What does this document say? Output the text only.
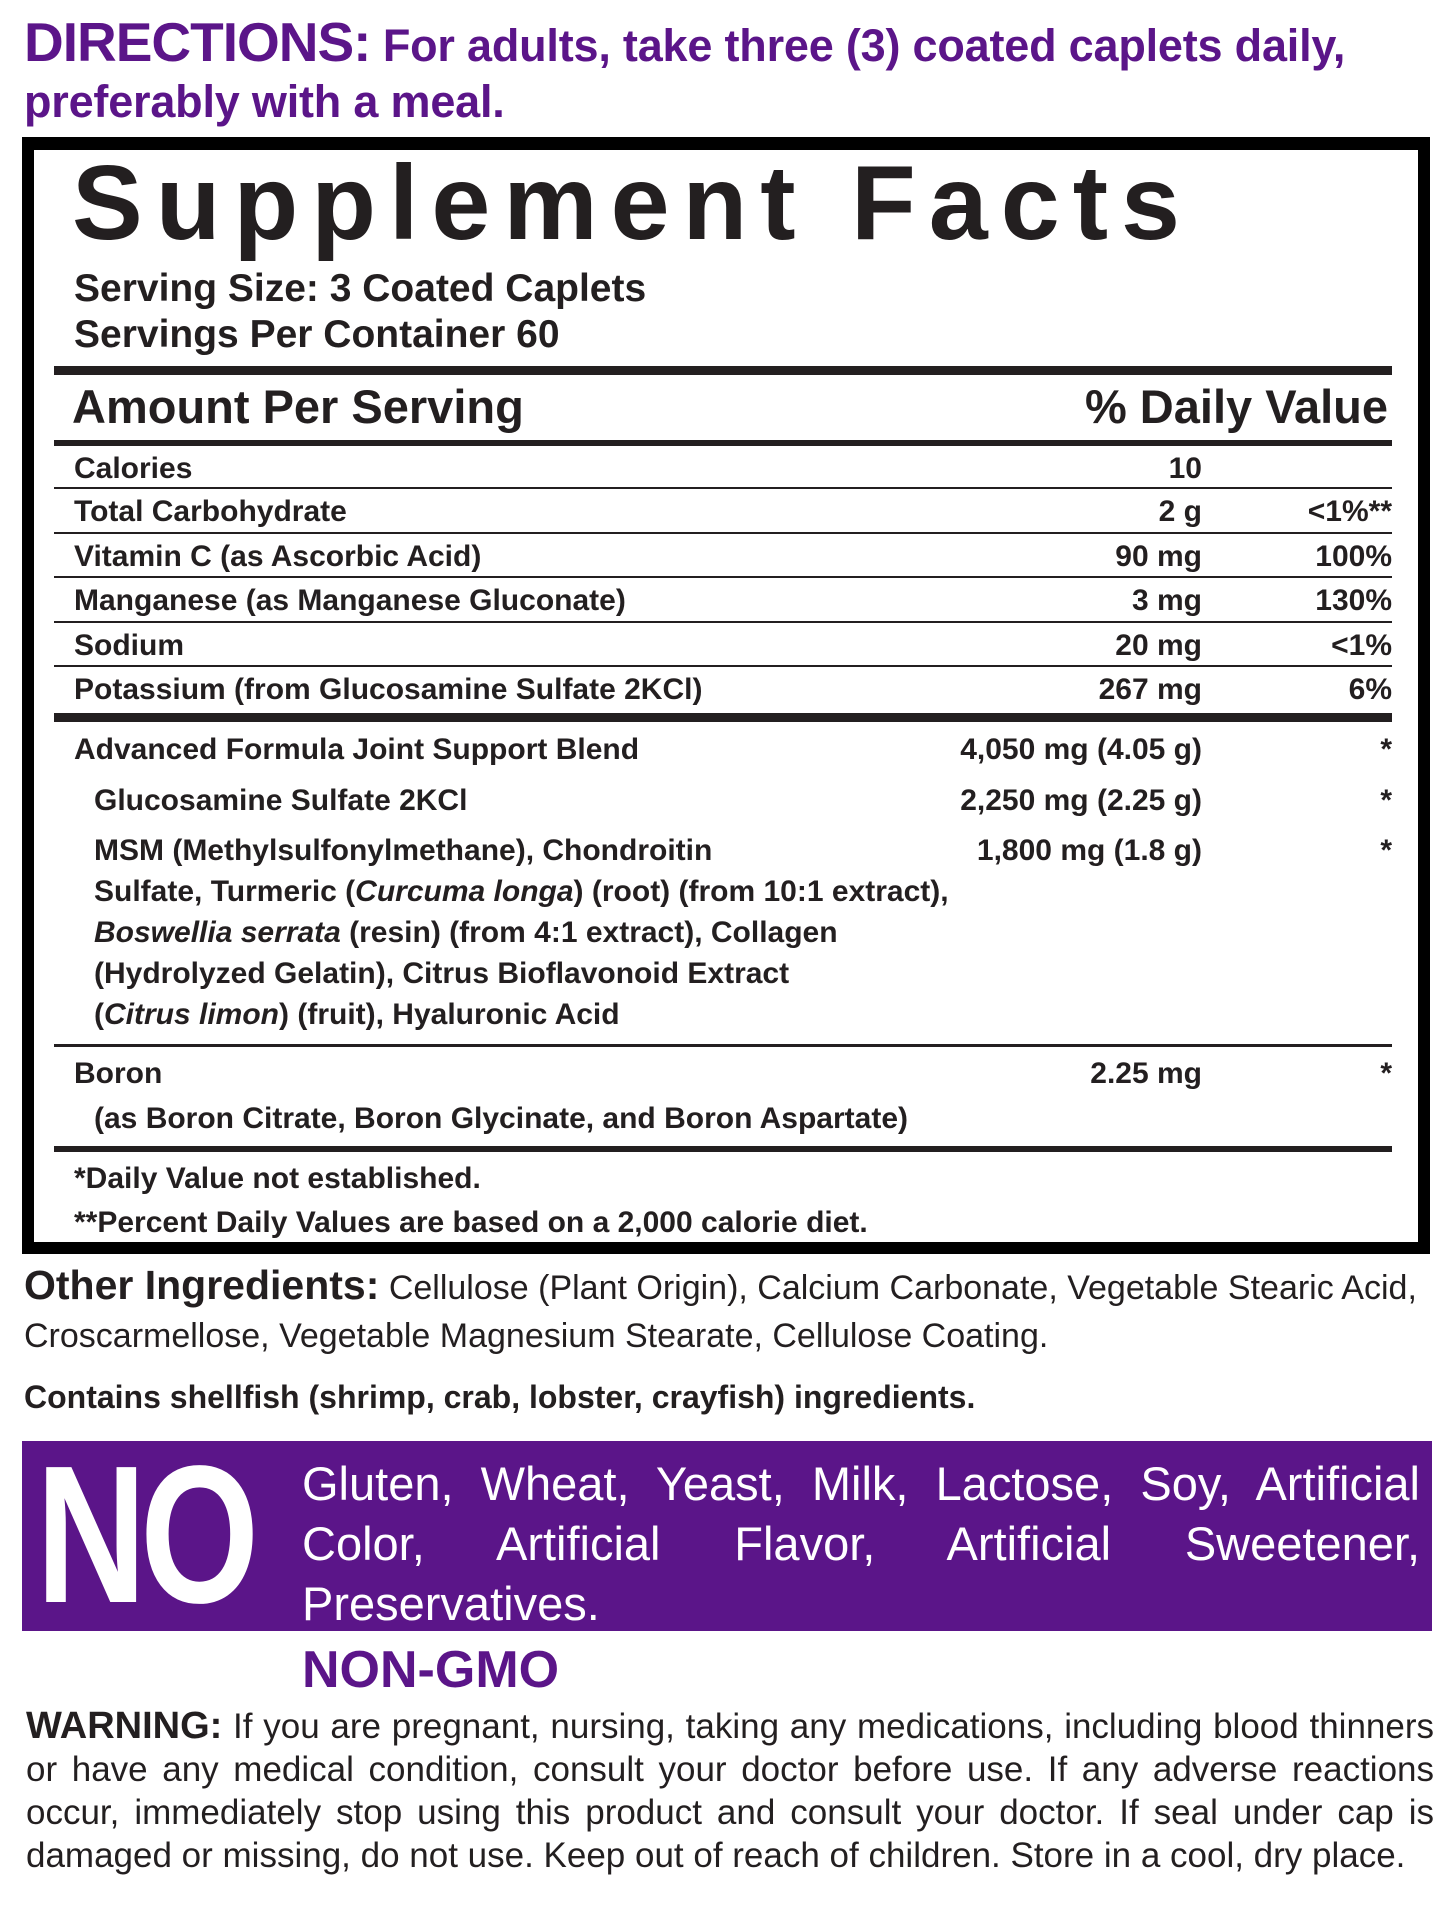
DIRECTIONS: For adults, take three (3) coated caplets daily, preferably with a meal.
Supplement Facts
Serving Size: 3 Coated Caplets
Servings Per Container 60
Amount Per Serving	% Daily Value
Calories	10
Total Carbohydrate	2 g	<1%**
Vitamin C (as Ascorbic Acid)	90 mg	100%
Manganese (as Manganese Gluconate)	3 mg	130%
Sodium	20 mg	<1%
Potassium (from Glucosamine Sulfate 2KCl)	267 mg	6%
Advanced Formula Joint Support Blend	4,050 mg (4.05 g)	*
Glucosamine Sulfate 2KCl	2,250 mg (2.25 g)	*
MSM (Methylsulfonylmethane), Chondroitin	1,800 mg (1.8 g)	*
Sulfate, Turmeric (Curcuma longa) (root) (from 10:1 extract),
Boswellia serrata (resin) (from 4:1 extract), Collagen
(Hydrolyzed Gelatin), Citrus Bioflavonoid Extract
(Citrus limon) (fruit), Hyaluronic Acid
Boron	2.25 mg	*
(as Boron Citrate, Boron Glycinate, and Boron Aspartate)
*Daily Value not established.
**Percent Daily Values are based on a 2,000 calorie diet.
Other Ingredients: Cellulose (Plant Origin), Calcium Carbonate, Vegetable Stearic Acid, Croscarmellose, Vegetable Magnesium Stearate, Cellulose Coating.
Contains shellfish (shrimp, crab, lobster, crayfish) ingredients.
NO Gluten, Wheat, Yeast, Milk, Lactose, Soy, Artificial Color, Artificial Flavor, Artificial Sweetener, Preservatives.
NON-GMO
WARNING: If you are pregnant, nursing, taking any medications, including blood thinners or have any medical condition, consult your doctor before use. If any adverse reactions occur, immediately stop using this product and consult your doctor. If seal under cap is damaged or missing, do not use. Keep out of reach of children. Store in a cool, dry place.
